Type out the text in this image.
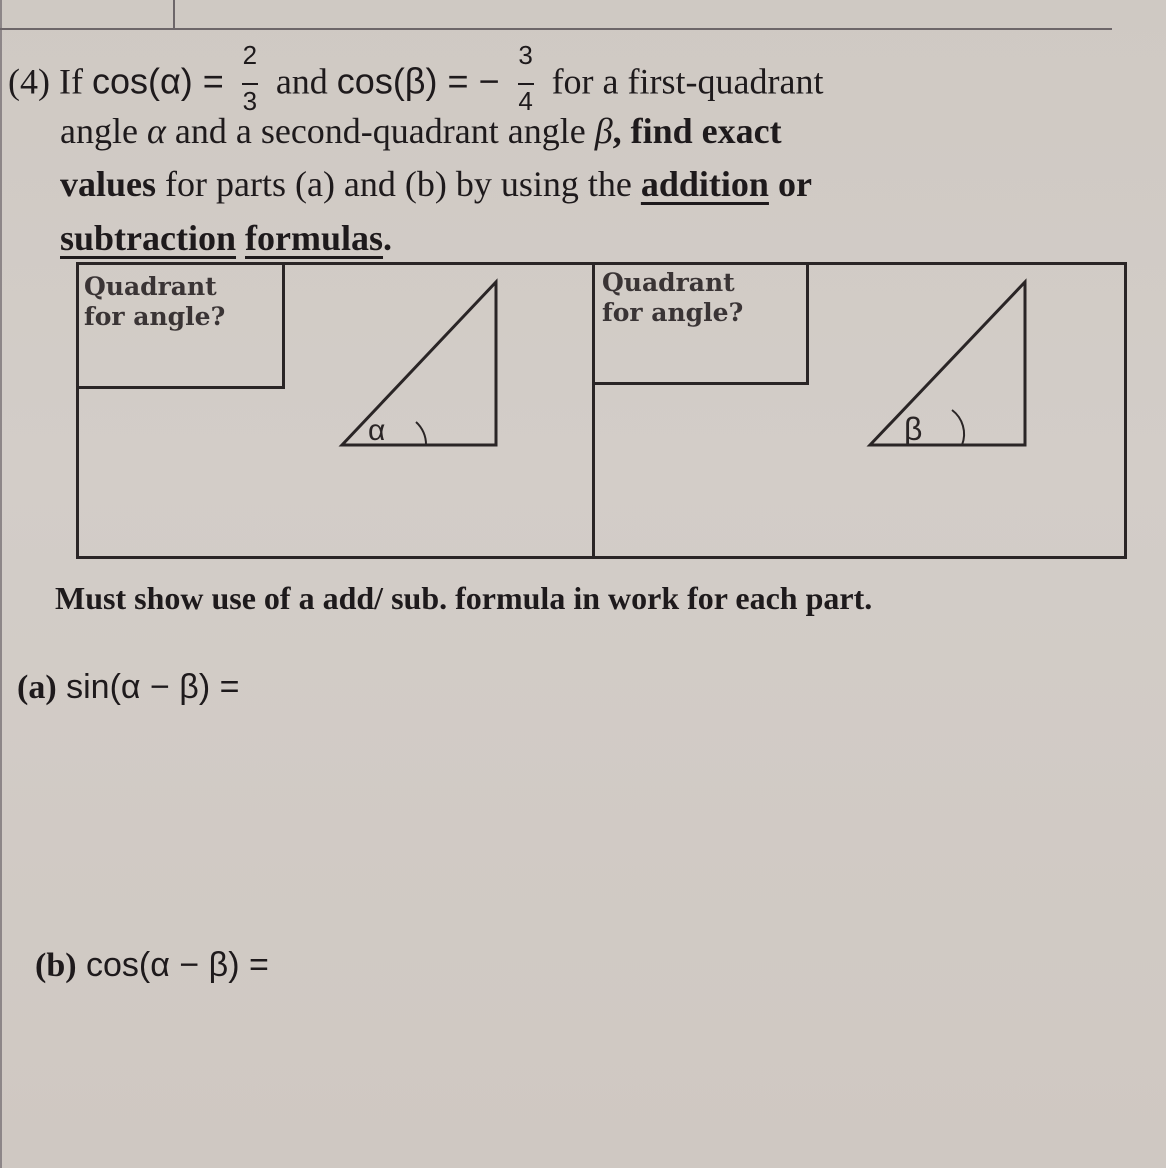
(4) If $\cos(\alpha) = \frac{2}{3}$ and cos(β) = − $\frac{3}{4}$ for a first-quadrant
angle α and a second-quadrant angle β, find exact
values for parts (a) and (b) by using the addition or
subtraction formulas.
Quadrant
for angle?
Quadrant
for angle?
α	β
Must show use of a add/ sub. formula in work for each part.
(a) sin(α − β) =
(b) cos(α − β) =
